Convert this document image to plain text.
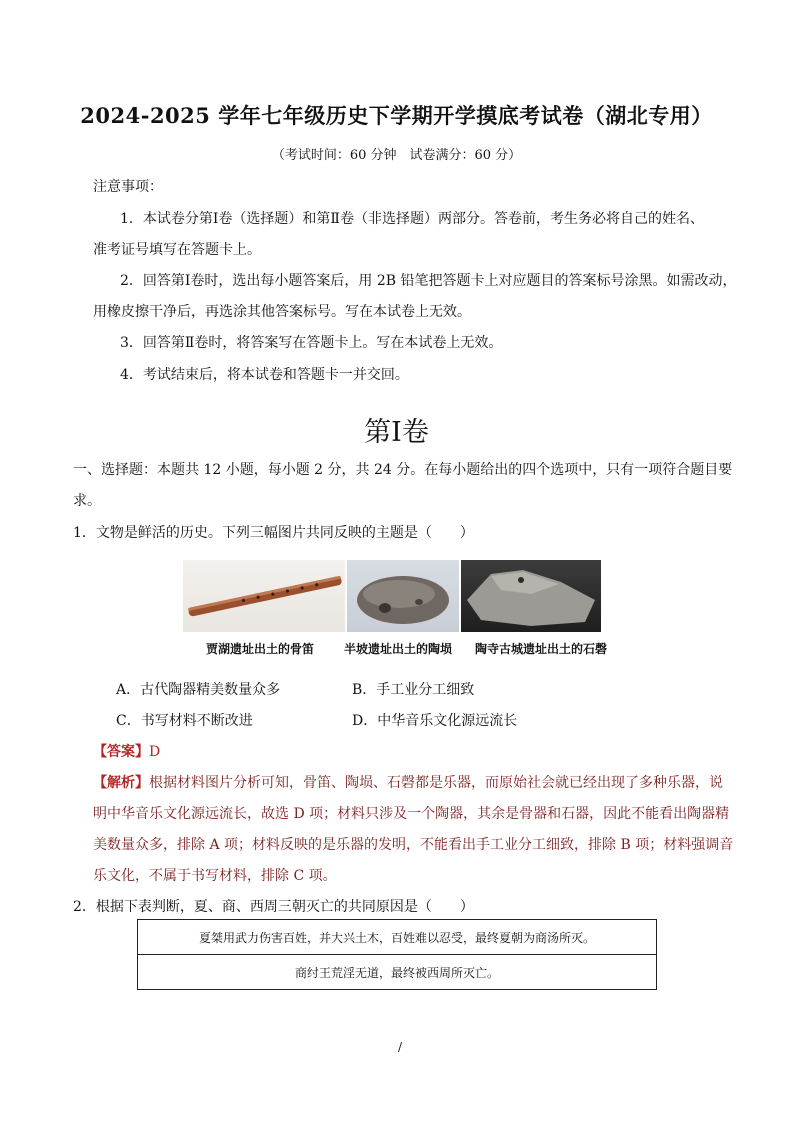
2024-2025 学年七年级历史下学期开学摸底考试卷（湖北专用）
（考试时间：60 分钟　试卷满分：60 分）
注意事项：
1．本试卷分第Ⅰ卷（选择题）和第Ⅱ卷（非选择题）两部分。答卷前，考生务必将自己的姓名、
准考证号填写在答题卡上。
2．回答第Ⅰ卷时，选出每小题答案后，用 2B 铅笔把答题卡上对应题目的答案标号涂黑。如需改动，
用橡皮擦干净后，再选涂其他答案标号。写在本试卷上无效。
3．回答第Ⅱ卷时，将答案写在答题卡上。写在本试卷上无效。
4．考试结束后，将本试卷和答题卡一并交回。
第Ⅰ卷
一、选择题：本题共 12 小题，每小题 2 分，共 24 分。在每小题给出的四个选项中，只有一项符合题目要
求。
1．文物是鲜活的历史。下列三幅图片共同反映的主题是（　　）
贾湖遗址出土的骨笛 半坡遗址出土的陶埙 陶寺古城遗址出土的石磬
A．古代陶器精美数量众多	B．手工业分工细致
C．书写材料不断改进	D．中华音乐文化源远流长
【答案】D
【解析】根据材料图片分析可知，骨笛、陶埙、石磬都是乐器，而原始社会就已经出现了多种乐器，说
明中华音乐文化源远流长，故选 D 项；材料只涉及一个陶器，其余是骨器和石器，因此不能看出陶器精
美数量众多，排除 A 项；材料反映的是乐器的发明，不能看出手工业分工细致，排除 B 项；材料强调音
乐文化，不属于书写材料，排除 C 项。
2．根据下表判断，夏、商、西周三朝灭亡的共同原因是（　　）
夏桀用武力伤害百姓，并大兴土木，百姓难以忍受，最终夏朝为商汤所灭。
商纣王荒淫无道，最终被西周所灭亡。
/
